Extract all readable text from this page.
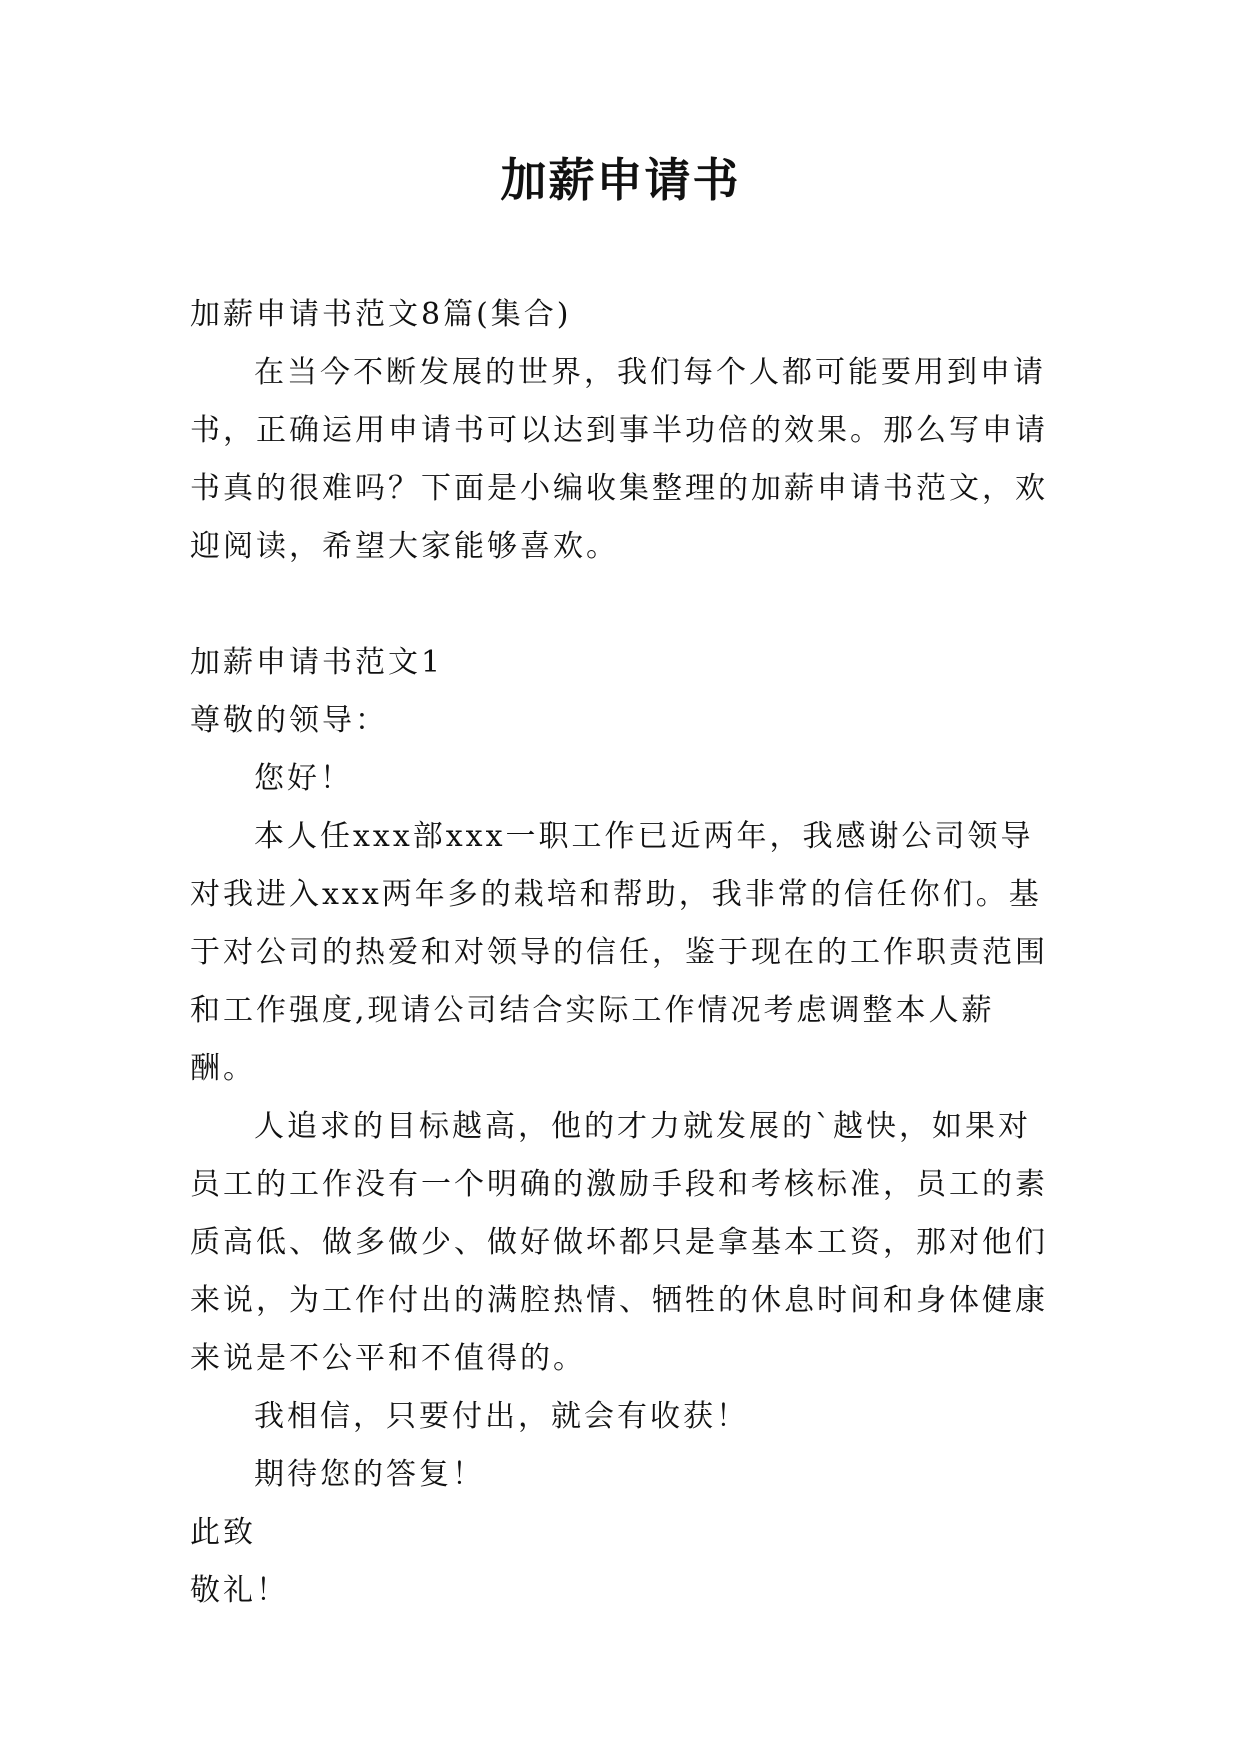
加薪申请书

加薪申请书范文8篇(集合)

在当今不断发展的世界，我们每个人都可能要用到申请书，正确运用申请书可以达到事半功倍的效果。那么写申请书真的很难吗？下面是小编收集整理的加薪申请书范文，欢迎阅读，希望大家能够喜欢。

加薪申请书范文1

尊敬的领导：

您好！

本人任xxx部xxx一职工作已近两年，我感谢公司领导对我进入xxx两年多的栽培和帮助，我非常的信任你们。基于对公司的热爱和对领导的信任，鉴于现在的工作职责范围和工作强度,现请公司结合实际工作情况考虑调整本人薪酬。

人追求的目标越高，他的才力就发展的`越快，如果对员工的工作没有一个明确的激励手段和考核标准，员工的素质高低、做多做少、做好做坏都只是拿基本工资，那对他们来说，为工作付出的满腔热情、牺牲的休息时间和身体健康来说是不公平和不值得的。

我相信，只要付出，就会有收获！

期待您的答复！

此致

敬礼！
